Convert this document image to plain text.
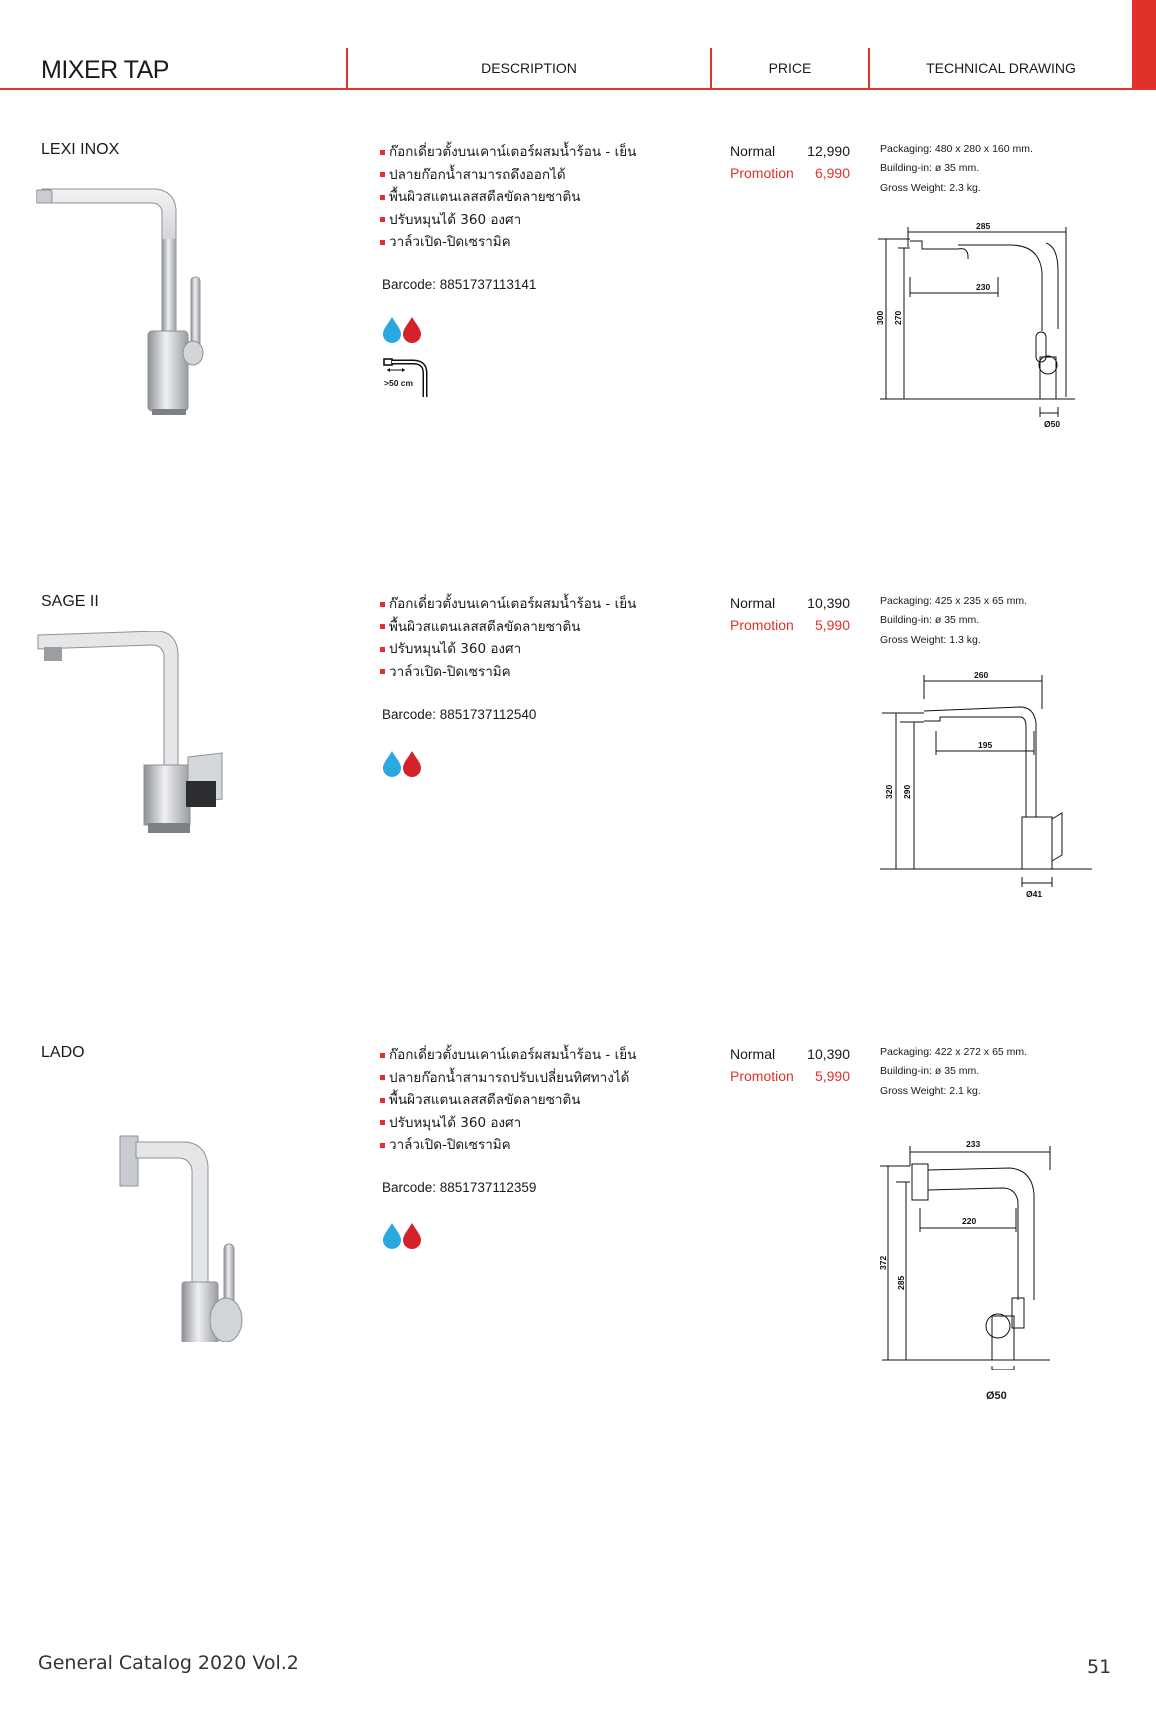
MIXER TAP	DESCRIPTION	PRICE	TECHNICAL DRAWING
LEXI INOX	ก๊อกเดี่ยวตั้งบนเคาน์เตอร์ผสมน้ำร้อน - เย็น
ปลายก๊อกน้ำสามารถดึงออกได้
พื้นผิวสแตนเลสสตีลขัดลายซาติน
ปรับหมุนได้ 360 องศา
วาล์วเปิด-ปิดเซรามิค
Barcode: 8851737113141
>50 cm
Normal 12,990
Promotion 6,990
Packaging: 480 x 280 x 160 mm.
Building-in: ø 35 mm.
Gross Weight: 2.3 kg.
285
230
300 270
Ø50
SAGE II	ก๊อกเดี่ยวตั้งบนเคาน์เตอร์ผสมน้ำร้อน - เย็น
พื้นผิวสแตนเลสสตีลขัดลายซาติน
ปรับหมุนได้ 360 องศา
วาล์วเปิด-ปิดเซรามิค
Barcode: 8851737112540
Normal 10,390
Promotion 5,990
Packaging: 425 x 235 x 65 mm.
Building-in: ø 35 mm.
Gross Weight: 1.3 kg.
260
195
320 290
Ø41
LADO	ก๊อกเดี่ยวตั้งบนเคาน์เตอร์ผสมน้ำร้อน - เย็น
ปลายก๊อกน้ำสามารถปรับเปลี่ยนทิศทางได้
พื้นผิวสแตนเลสสตีลขัดลายซาติน
ปรับหมุนได้ 360 องศา
วาล์วเปิด-ปิดเซรามิค
Barcode: 8851737112359
Normal 10,390
Promotion 5,990
Packaging: 422 x 272 x 65 mm.
Building-in: ø 35 mm.
Gross Weight: 2.1 kg.
233
220
372
285
Ø50
General Catalog 2020 Vol.2	51
